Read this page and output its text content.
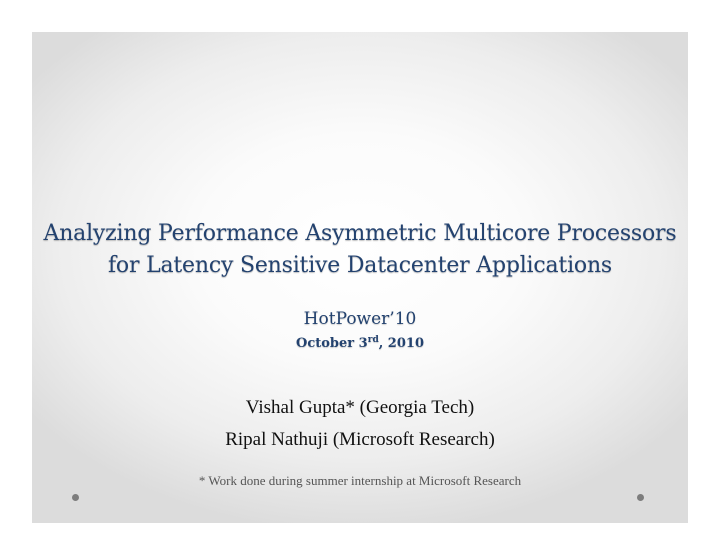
Analyzing Performance Asymmetric Multicore Processors
for Latency Sensitive Datacenter Applications
HotPower’10
October 3rd, 2010
Vishal Gupta* (Georgia Tech)
Ripal Nathuji (Microsoft Research)
* Work done during summer internship at Microsoft Research
